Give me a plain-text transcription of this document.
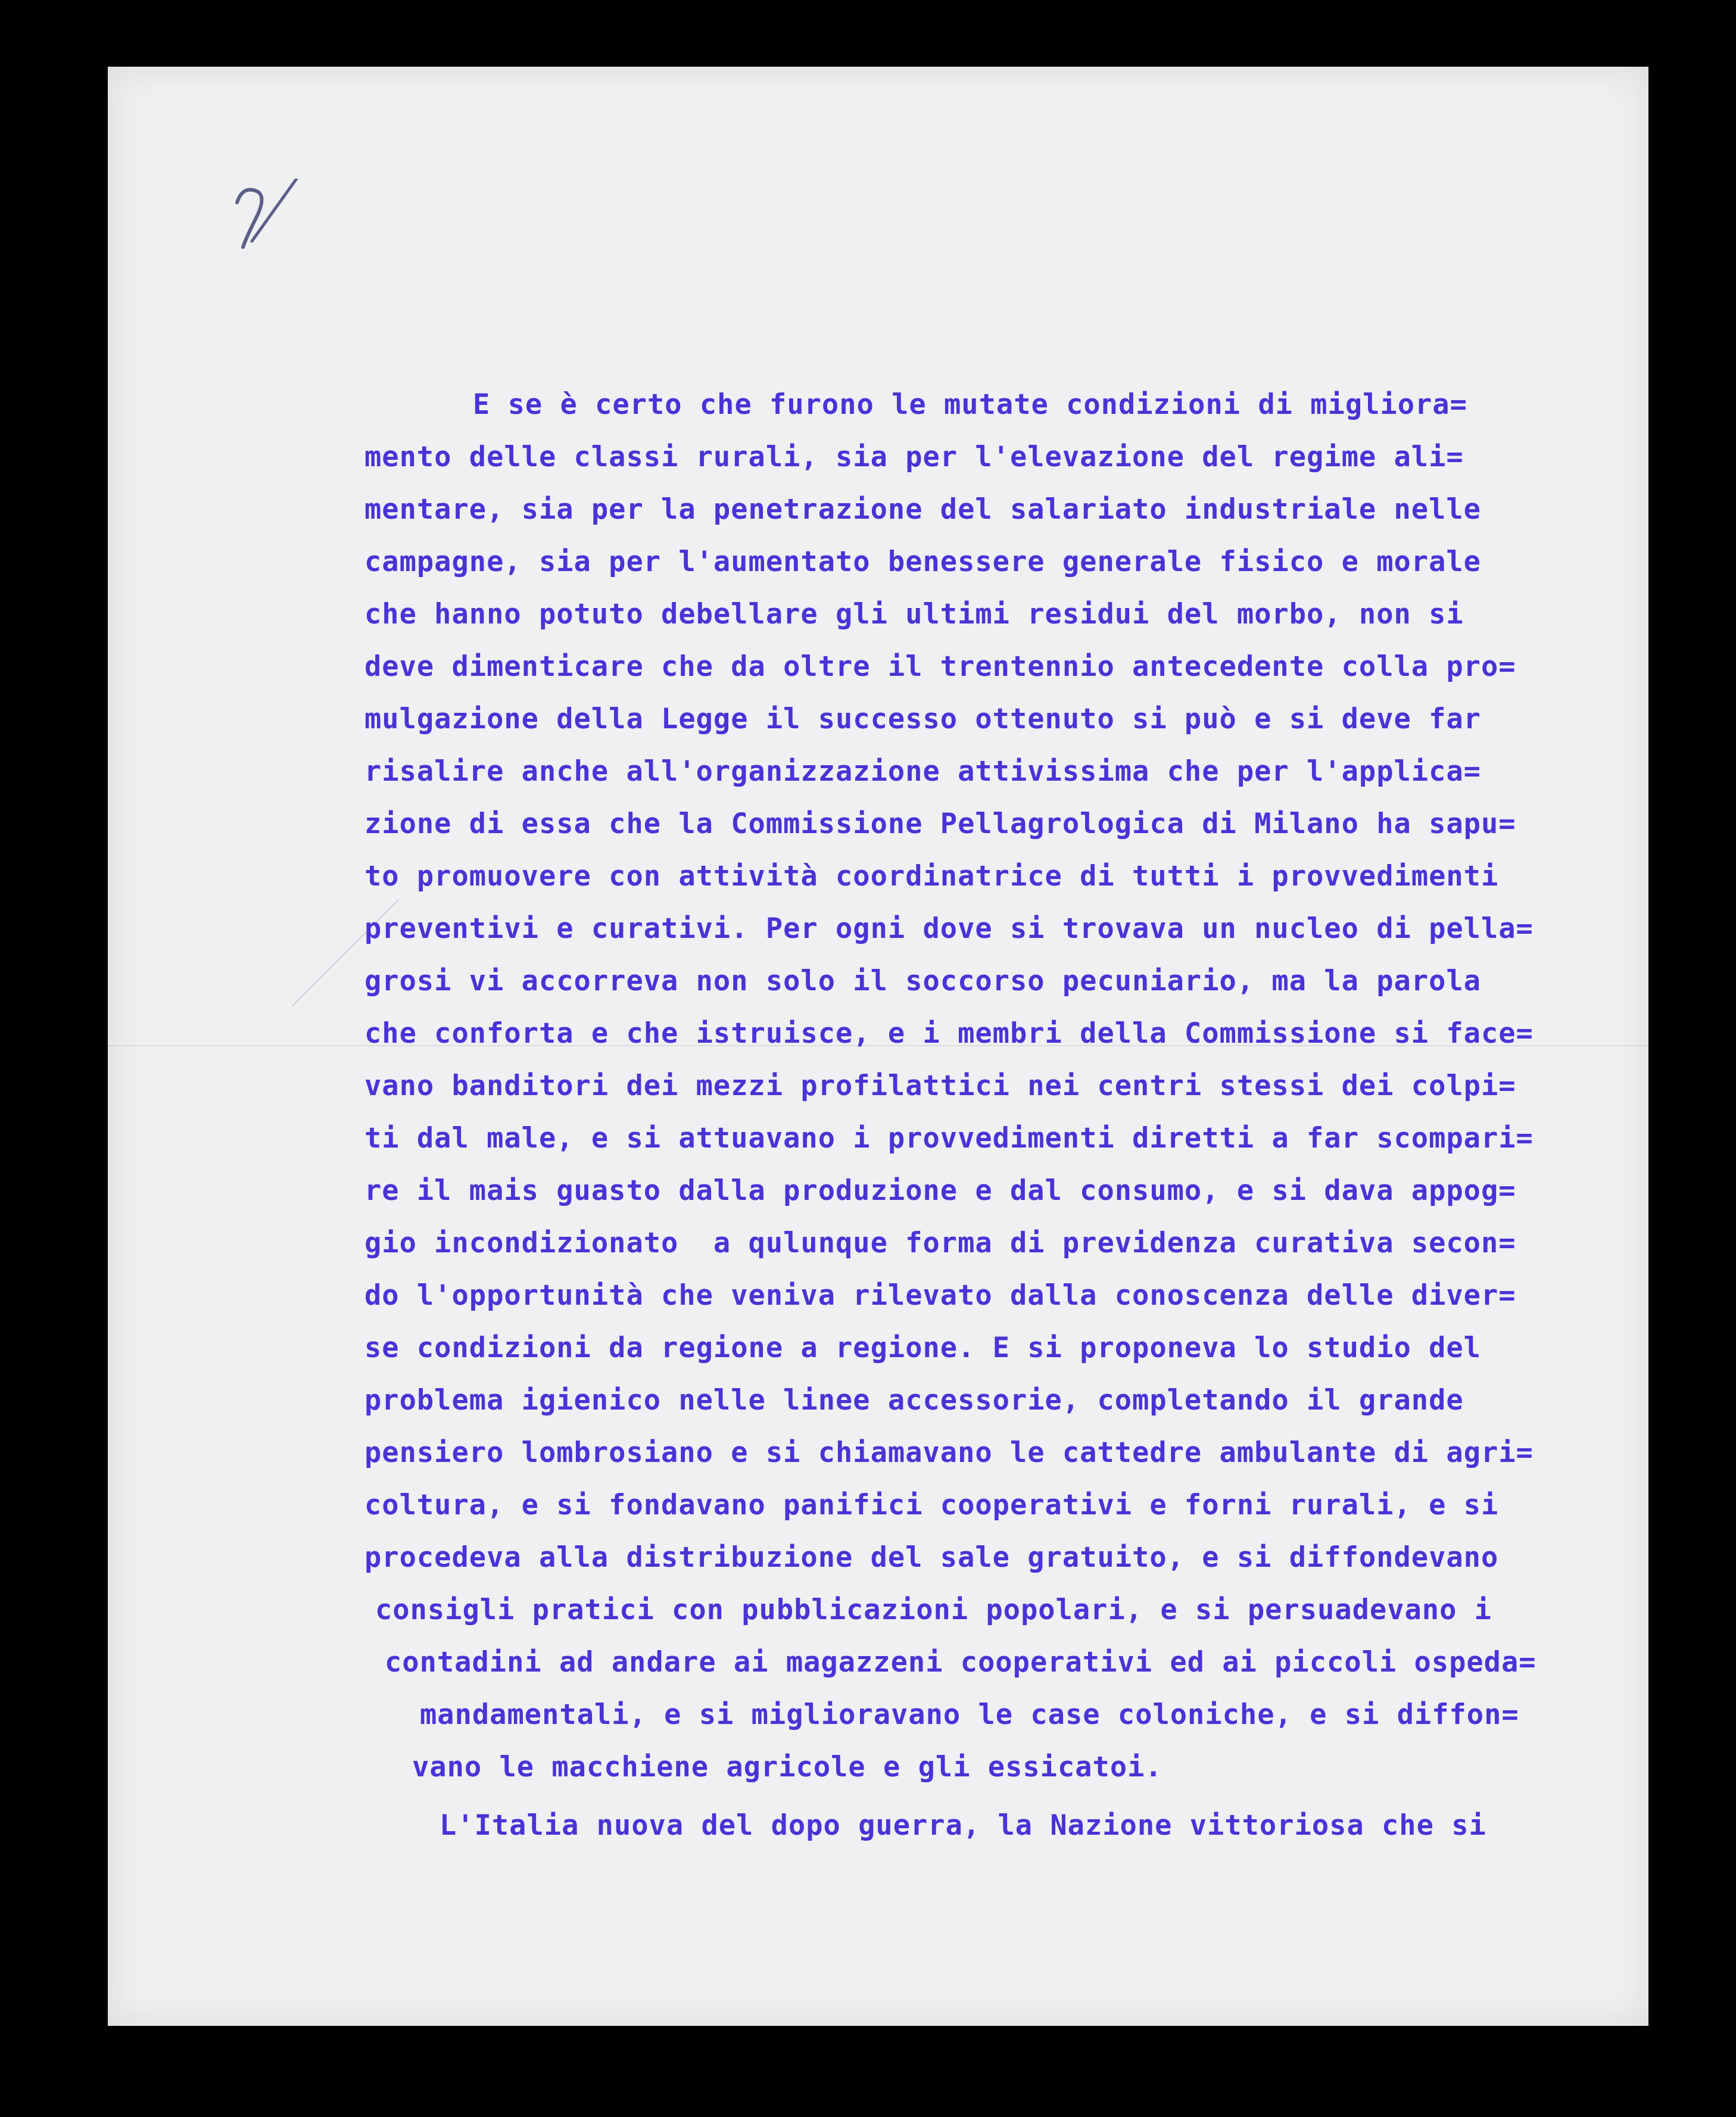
E se è certo che furono le mutate condizioni di migliora=
mento delle classi rurali, sia per l'elevazione del regime ali=
mentare, sia per la penetrazione del salariato industriale nelle
campagne, sia per l'aumentato benessere generale fisico e morale
che hanno potuto debellare gli ultimi residui del morbo, non si
deve dimenticare che da oltre il trentennio antecedente colla pro=
mulgazione della Legge il successo ottenuto si può e si deve far
risalire anche all'organizzazione attivissima che per l'applica=
zione di essa che la Commissione Pellagrologica di Milano ha sapu=
to promuovere con attività coordinatrice di tutti i provvedimenti
preventivi e curativi. Per ogni dove si trovava un nucleo di pella=
grosi vi accorreva non solo il soccorso pecuniario, ma la parola
che conforta e che istruisce, e i membri della Commissione si face=
vano banditori dei mezzi profilattici nei centri stessi dei colpi=
ti dal male, e si attuavano i provvedimenti diretti a far scompari=
re il mais guasto dalla produzione e dal consumo, e si dava appog=
gio incondizionato  a qulunque forma di previdenza curativa secon=
do l'opportunità che veniva rilevato dalla conoscenza delle diver=
se condizioni da regione a regione. E si proponeva lo studio del
problema igienico nelle linee accessorie, completando il grande
pensiero lombrosiano e si chiamavano le cattedre ambulante di agri=
coltura, e si fondavano panifici cooperativi e forni rurali, e si
procedeva alla distribuzione del sale gratuito, e si diffondevano
consigli pratici con pubblicazioni popolari, e si persuadevano i
contadini ad andare ai magazzeni cooperativi ed ai piccoli ospeda=
mandamentali, e si miglioravano le case coloniche, e si diffon=
vano le macchiene agricole e gli essicatoi.
L'Italia nuova del dopo guerra, la Nazione vittoriosa che si
